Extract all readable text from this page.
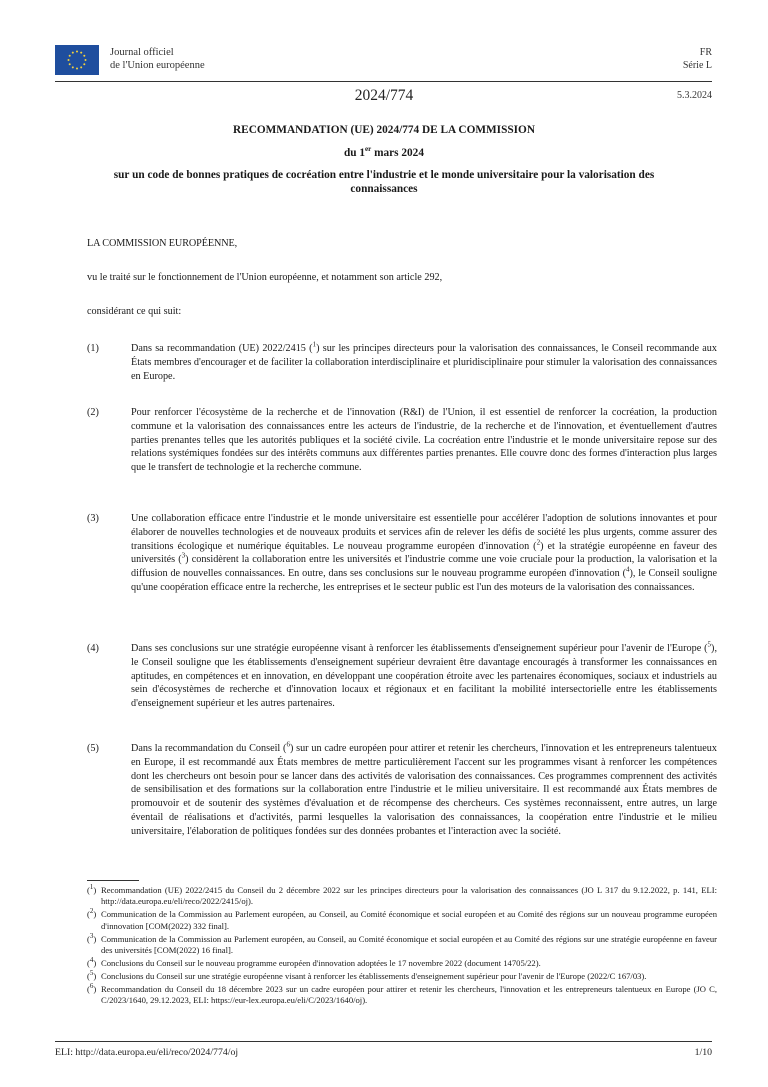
Journal officiel
de l'Union européenne
FR
Série L
2024/774	5.3.2024
RECOMMANDATION (UE) 2024/774 DE LA COMMISSION
du 1er mars 2024
sur un code de bonnes pratiques de cocréation entre l'industrie et le monde universitaire pour la valorisation des connaissances
LA COMMISSION EUROPÉENNE,
vu le traité sur le fonctionnement de l'Union européenne, et notamment son article 292,
considérant ce qui suit:
(1)	Dans sa recommandation (UE) 2022/2415 ($^1$) sur les principes directeurs pour la valorisation des connaissances, le Conseil recommande aux États membres d'encourager et de faciliter la collaboration interdisciplinaire et pluridisciplinaire pour stimuler la valorisation des connaissances en Europe.
(2)	Pour renforcer l'écosystème de la recherche et de l'innovation (R&I) de l'Union, il est essentiel de renforcer la cocréation, la production commune et la valorisation des connaissances entre les acteurs de l'industrie, de la recherche et de l'innovation, et éventuellement d'autres parties prenantes telles que les autorités publiques et la société civile. La cocréation entre l'industrie et le monde universitaire repose sur des relations systémiques fondées sur des intérêts communs aux différentes parties prenantes. Elle couvre donc des formes d'interaction plus larges que le transfert de technologie et la recherche commune.
(3)	Une collaboration efficace entre l'industrie et le monde universitaire est essentielle pour accélérer l'adoption de solutions innovantes et pour élaborer de nouvelles technologies et de nouveaux produits et services afin de relever les défis de société les plus urgents, comme assurer des transitions écologique et numérique équitables. Le nouveau programme européen d'innovation ($^2$) et la stratégie européenne en faveur des universités ($^3$) considèrent la collaboration entre les universités et l'industrie comme une voie cruciale pour la production, la valorisation et la diffusion de nouvelles connaissances. En outre, dans ses conclusions sur le nouveau programme européen d'innovation ($^4$), le Conseil souligne qu'une coopération efficace entre la recherche, les entreprises et le secteur public est l'un des moteurs de la valorisation des connaissances.
(4)	Dans ses conclusions sur une stratégie européenne visant à renforcer les établissements d'enseignement supérieur pour l'avenir de l'Europe ($^5$), le Conseil souligne que les établissements d'enseignement supérieur devraient être davantage encouragés à transformer les connaissances en aptitudes, en compétences et en innovation, en développant une coopération étroite avec les partenaires économiques, sociaux et industriels au sein d'écosystèmes de recherche et d'innovation locaux et régionaux et en facilitant la mobilité intersectorielle entre les établissements d'enseignement supérieur et les autres partenaires.
(5)	Dans la recommandation du Conseil ($^6$) sur un cadre européen pour attirer et retenir les chercheurs, l'innovation et les entrepreneurs talentueux en Europe, il est recommandé aux États membres de mettre particulièrement l'accent sur les programmes visant à renforcer les compétences dont les chercheurs ont besoin pour se lancer dans des activités de valorisation des connaissances. Ces programmes comprennent des activités de sensibilisation et des formations sur la collaboration entre l'industrie et le milieu universitaire. Il est recommandé aux États membres de promouvoir et de soutenir des systèmes d'évaluation et de récompense des chercheurs. Ces systèmes reconnaissent, entre autres, un large éventail de réalisations et d'activités, parmi lesquelles la valorisation des connaissances, la coopération entre l'industrie et le milieu universitaire, l'élaboration de politiques fondées sur des données probantes et l'interaction avec la société.
($^1$) Recommandation (UE) 2022/2415 du Conseil du 2 décembre 2022 sur les principes directeurs pour la valorisation des connaissances (JO L 317 du 9.12.2022, p. 141, ELI: http://data.europa.eu/eli/reco/2022/2415/oj).
($^2$) Communication de la Commission au Parlement européen, au Conseil, au Comité économique et social européen et au Comité des régions sur un nouveau programme européen d'innovation [COM(2022) 332 final].
($^3$) Communication de la Commission au Parlement européen, au Conseil, au Comité économique et social européen et au Comité des régions sur une stratégie européenne en faveur des universités [COM(2022) 16 final].
($^4$) Conclusions du Conseil sur le nouveau programme européen d'innovation adoptées le 17 novembre 2022 (document 14705/22).
($^5$) Conclusions du Conseil sur une stratégie européenne visant à renforcer les établissements d'enseignement supérieur pour l'avenir de l'Europe (2022/C 167/03).
($^6$) Recommandation du Conseil du 18 décembre 2023 sur un cadre européen pour attirer et retenir les chercheurs, l'innovation et les entrepreneurs talentueux en Europe (JO C, C/2023/1640, 29.12.2023, ELI: https://eur-lex.europa.eu/eli/C/2023/1640/oj).
ELI: http://data.europa.eu/eli/reco/2024/774/oj	1/10
